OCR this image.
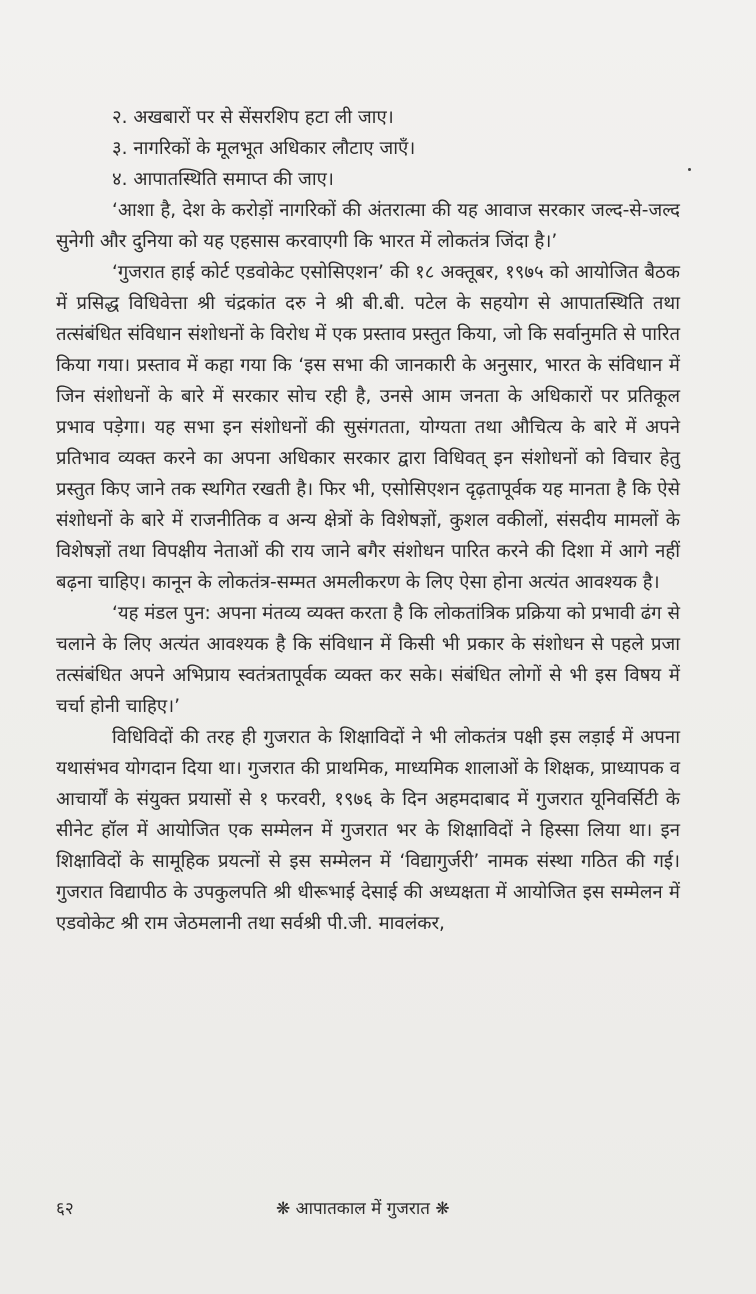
२. अखबारों पर से सेंसरशिप हटा ली जाए।
३. नागरिकों के मूलभूत अधिकार लौटाए जाएँ।
४. आपातस्थिति समाप्त की जाए।

‘आशा है, देश के करोड़ों नागरिकों की अंतरात्मा की यह आवाज सरकार जल्द-से-जल्द सुनेगी और दुनिया को यह एहसास करवाएगी कि भारत में लोकतंत्र जिंदा है।’

‘गुजरात हाई कोर्ट एडवोकेट एसोसिएशन’ की १८ अक्तूबर, १९७५ को आयोजित बैठक में प्रसिद्ध विधिवेत्ता श्री चंद्रकांत दरु ने श्री बी.बी. पटेल के सहयोग से आपातस्थिति तथा तत्संबंधित संविधान संशोधनों के विरोध में एक प्रस्ताव प्रस्तुत किया, जो कि सर्वानुमति से पारित किया गया। प्रस्ताव में कहा गया कि ‘इस सभा की जानकारी के अनुसार, भारत के संविधान में जिन संशोधनों के बारे में सरकार सोच रही है, उनसे आम जनता के अधिकारों पर प्रतिकूल प्रभाव पड़ेगा। यह सभा इन संशोधनों की सुसंगतता, योग्यता तथा औचित्य के बारे में अपने प्रतिभाव व्यक्त करने का अपना अधिकार सरकार द्वारा विधिवत् इन संशोधनों को विचार हेतु प्रस्तुत किए जाने तक स्थगित रखती है। फिर भी, एसोसिएशन दृढ़तापूर्वक यह मानता है कि ऐसे संशोधनों के बारे में राजनीतिक व अन्य क्षेत्रों के विशेषज्ञों, कुशल वकीलों, संसदीय मामलों के विशेषज्ञों तथा विपक्षीय नेताओं की राय जाने बगैर संशोधन पारित करने की दिशा में आगे नहीं बढ़ना चाहिए। कानून के लोकतंत्र-सम्मत अमलीकरण के लिए ऐसा होना अत्यंत आवश्यक है।

‘यह मंडल पुन: अपना मंतव्य व्यक्त करता है कि लोकतांत्रिक प्रक्रिया को प्रभावी ढंग से चलाने के लिए अत्यंत आवश्यक है कि संविधान में किसी भी प्रकार के संशोधन से पहले प्रजा तत्संबंधित अपने अभिप्राय स्वतंत्रतापूर्वक व्यक्त कर सके। संबंधित लोगों से भी इस विषय में चर्चा होनी चाहिए।’

विधिविदों की तरह ही गुजरात के शिक्षाविदों ने भी लोकतंत्र पक्षी इस लड़ाई में अपना यथासंभव योगदान दिया था। गुजरात की प्राथमिक, माध्यमिक शालाओं के शिक्षक, प्राध्यापक व आचार्यों के संयुक्त प्रयासों से १ फरवरी, १९७६ के दिन अहमदाबाद में गुजरात यूनिवर्सिटी के सीनेट हॉल में आयोजित एक सम्मेलन में गुजरात भर के शिक्षाविदों ने हिस्सा लिया था। इन शिक्षाविदों के सामूहिक प्रयत्नों से इस सम्मेलन में ‘विद्यागुर्जरी’ नामक संस्था गठित की गई। गुजरात विद्यापीठ के उपकुलपति श्री धीरूभाई देसाई की अध्यक्षता में आयोजित इस सम्मेलन में एडवोकेट श्री राम जेठमलानी तथा सर्वश्री पी.जी. मावलंकर,

६२	❋ आपातकाल में गुजरात ❋
